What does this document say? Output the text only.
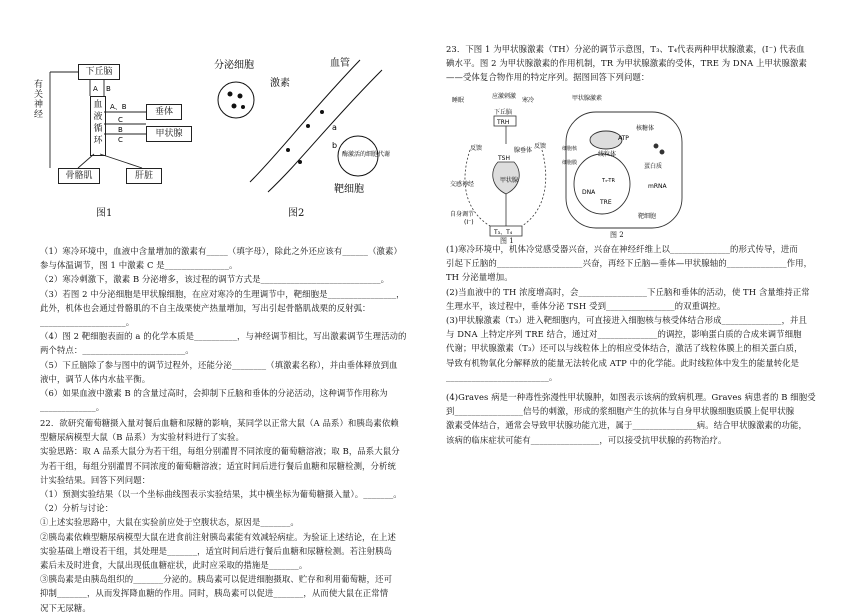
有关神经
下丘脑
血液循环
垂体
甲状腺
骨骼肌	肝脏
A B
A、B
C
B
C
图1
分泌细胞
激素
血管
a
b
酶激活的细胞代谢
靶细胞
图2
（1）寒冷环境中，血液中含量增加的激素有_____（填字母），除此之外还应该有______（激素）
参与体温调节，图 1 中激素 C 是_______________。
（2）寒冷刺激下，激素 B 分泌增多，该过程的调节方式是____________________________。
（3）若图 2 中分泌细胞是甲状腺细胞，在应对寒冷的生理调节中，靶细胞是________________，
此外，机体也会通过骨骼肌的不自主战栗使产热量增加，写出引起骨骼肌战栗的反射弧：
____________________。
（4）图 2 靶细胞表面的 a 的化学本质是__________，与神经调节相比，写出激素调节生理活动的
两个特点：________________________。
（5）下丘脑除了参与图中的调节过程外，还能分泌________（填激素名称），并由垂体释放到血
液中，调节人体内水盐平衡。
（6）如果血液中激素 B 的含量过高时，会抑制下丘脑和垂体的分泌活动，这种调节作用称为
_____________。
22．欲研究葡萄糖摄入量对餐后血糖和尿糖的影响，某同学以正常大鼠（A 品系）和胰岛素依赖
型糖尿病模型大鼠（B 品系）为实验材料进行了实验。
实验思路：取 A 品系大鼠分为若干组，每组分别灌胃不同浓度的葡萄糖溶液；取 B，品系大鼠分
为若干组，每组分别灌胃不同浓度的葡萄糖溶液；适宜时间后进行餐后血糖和尿糖检测，分析统
计实验结果。回答下列问题：
（1）预测实验结果（以一个坐标曲线图表示实验结果，其中横坐标为葡萄糖摄入量）。_______。
（2）分析与讨论：
①上述实验思路中，大鼠在实验前应处于空腹状态，原因是_______。
②胰岛素依赖型糖尿病模型大鼠在进食前注射胰岛素能有效减轻病症。为验证上述结论，在上述
实验基础上增设若干组，其处理是_______，适宜时间后进行餐后血糖和尿糖检测。若注射胰岛
素后未及时进食，大鼠出现低血糖症状，此时应采取的措施是_______。
③胰岛素是由胰岛组织的_______分泌的。胰岛素可以促进细胞摄取、贮存和利用葡萄糖，还可
抑制_______，从而发挥降血糖的作用。同时，胰岛素可以促进_______，从而使大鼠在正常情
况下无尿糖。
23．下图 1 为甲状腺激素（TH）分泌的调节示意图，T₃、T₄代表两种甲状腺激素，(I⁻) 代表血
碘水平。图 2 为甲状腺激素的作用机制，TR 为甲状腺激素的受体，TRE 为 DNA 上甲状腺激素
——受体复合物作用的特定序列。据图回答下列问题：
睡眠
应激刺激
寒冷
下丘脑
TRH
腺垂体
TSH
甲状腺
交感神经
自身调节
(I⁻)
T₃、T₄
反馈	反馈
图 1
甲状腺激素
细胞核
细胞膜
核糖体
ATP
线粒体
蛋白质
mRNA
DNA
T₃-TR
TRE
靶细胞
图 2
(1)寒冷环境中，机体冷觉感受器兴奋，兴奋在神经纤维上以______________的形式传导，进而
引起下丘脑的____________________兴奋，再经下丘脑—垂体—甲状腺轴的______________作用，
TH 分泌量增加。
(2)当血液中的 TH 浓度增高时，会________________下丘脑和垂体的活动，使 TH 含量维持正常
生理水平，该过程中，垂体分泌 TSH 受到________________的双重调控。
(3)甲状腺激素（T₃）进入靶细胞内，可直接进入细胞核与核受体结合形成______________，并且
与 DNA 上特定序列 TRE 结合，通过对______________的调控，影响蛋白质的合成来调节细胞
代谢；甲状腺激素（T₃）还可以与线粒体上的相应受体结合，激活了线粒体膜上的相关蛋白质，
导致有机物氧化分解释放的能量无法转化成 ATP 中的化学能。此时线粒体中发生的能量转化是
________________________。
(4)Graves 病是一种毒性弥漫性甲状腺肿，如图表示该病的致病机理。Graves 病患者的 B 细胞受
到________________信号的刺激，形成的浆细胞产生的抗体与自身甲状腺细胞质膜上促甲状腺
激素受体结合，通常会导致甲状腺功能亢进，属于_______________病。结合甲状腺激素的功能，
该病的临床症状可能有________________，可以接受抗甲状腺的药物治疗。
